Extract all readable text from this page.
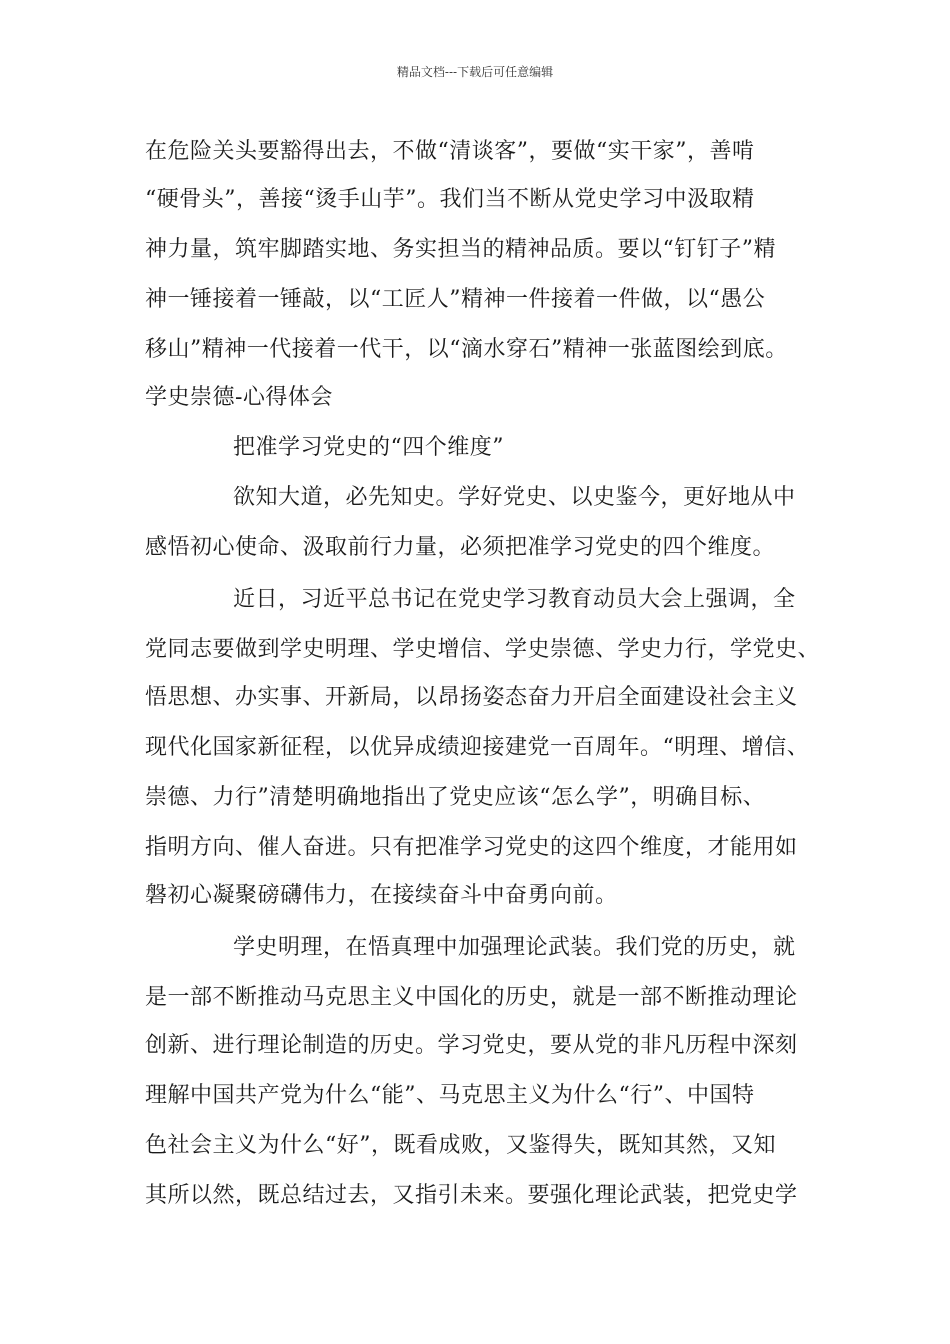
精品文档---下载后可任意编辑
在危险关头要豁得出去，不做“清谈客”，要做“实干家”，善啃
“硬骨头”，善接“烫手山芋”。我们当不断从党史学习中汲取精
神力量，筑牢脚踏实地、务实担当的精神品质。要以“钉钉子”精
神一锤接着一锤敲，以“工匠人”精神一件接着一件做，以“愚公
移山”精神一代接着一代干，以“滴水穿石”精神一张蓝图绘到底。
学史崇德-心得体会
把准学习党史的“四个维度”
欲知大道，必先知史。学好党史、以史鉴今，更好地从中
感悟初心使命、汲取前行力量，必须把准学习党史的四个维度。
近日，习近平总书记在党史学习教育动员大会上强调，全
党同志要做到学史明理、学史增信、学史崇德、学史力行，学党史、
悟思想、办实事、开新局，以昂扬姿态奋力开启全面建设社会主义
现代化国家新征程，以优异成绩迎接建党一百周年。“明理、增信、
崇德、力行”清楚明确地指出了党史应该“怎么学”，明确目标、
指明方向、催人奋进。只有把准学习党史的这四个维度，才能用如
磐初心凝聚磅礴伟力，在接续奋斗中奋勇向前。
学史明理，在悟真理中加强理论武装。我们党的历史，就
是一部不断推动马克思主义中国化的历史，就是一部不断推动理论
创新、进行理论制造的历史。学习党史，要从党的非凡历程中深刻
理解中国共产党为什么“能”、马克思主义为什么“行”、中国特
色社会主义为什么“好”，既看成败，又鉴得失，既知其然，又知
其所以然，既总结过去，又指引未来。要强化理论武装，把党史学
